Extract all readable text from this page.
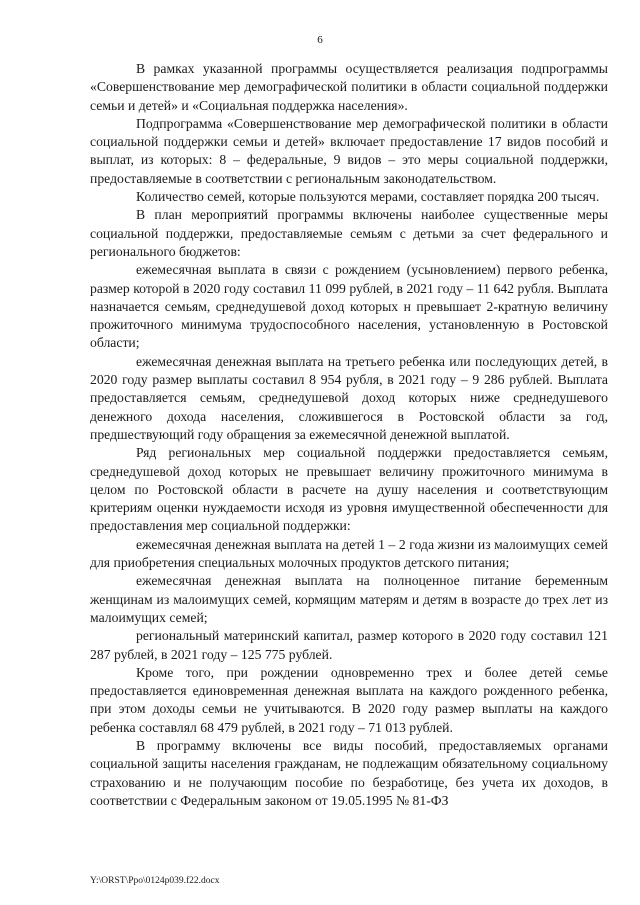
6

В рамках указанной программы осуществляется реализация подпрограммы «Совершенствование мер демографической политики в области социальной поддержки семьи и детей» и «Социальная поддержка населения».

Подпрограмма «Совершенствование мер демографической политики в области социальной поддержки семьи и детей» включает предоставление 17 видов пособий и выплат, из которых: 8 – федеральные, 9 видов – это меры социальной поддержки, предоставляемые в соответствии с региональным законодательством.

Количество семей, которые пользуются мерами, составляет порядка 200 тысяч.

В план мероприятий программы включены наиболее существенные меры социальной поддержки, предоставляемые семьям с детьми за счет федерального и регионального бюджетов:

ежемесячная выплата в связи с рождением (усыновлением) первого ребенка, размер которой в 2020 году составил 11 099 рублей, в 2021 году – 11 642 рубля. Выплата назначается семьям, среднедушевой доход которых н превышает 2-кратную величину прожиточного минимума трудоспособного населения, установленную в Ростовской области;

ежемесячная денежная выплата на третьего ребенка или последующих детей, в 2020 году размер выплаты составил 8 954 рубля, в 2021 году – 9 286 рублей. Выплата предоставляется семьям, среднедушевой доход которых ниже среднедушевого денежного дохода населения, сложившегося в Ростовской области за год, предшествующий году обращения за ежемесячной денежной выплатой.

Ряд региональных мер социальной поддержки предоставляется семьям, среднедушевой доход которых не превышает величину прожиточного минимума в целом по Ростовской области в расчете на душу населения и соответствующим критериям оценки нуждаемости исходя из уровня имущественной обеспеченности для предоставления мер социальной поддержки:

ежемесячная денежная выплата на детей 1 – 2 года жизни из малоимущих семей для приобретения специальных молочных продуктов детского питания;

ежемесячная денежная выплата на полноценное питание беременным женщинам из малоимущих семей, кормящим матерям и детям в возрасте до трех лет из малоимущих семей;

региональный материнский капитал, размер которого в 2020 году составил 121 287 рублей, в 2021 году – 125 775 рублей.

Кроме того, при рождении одновременно трех и более детей семье предоставляется единовременная денежная выплата на каждого рожденного ребенка, при этом доходы семьи не учитываются. В 2020 году размер выплаты на каждого ребенка составлял 68 479 рублей, в 2021 году – 71 013 рублей.

В программу включены все виды пособий, предоставляемых органами социальной защиты населения гражданам, не подлежащим обязательному социальному страхованию и не получающим пособие по безработице, без учета их доходов, в соответствии с Федеральным законом от 19.05.1995 № 81-ФЗ

Y:\ORST\Ppo\0124p039.f22.docx
